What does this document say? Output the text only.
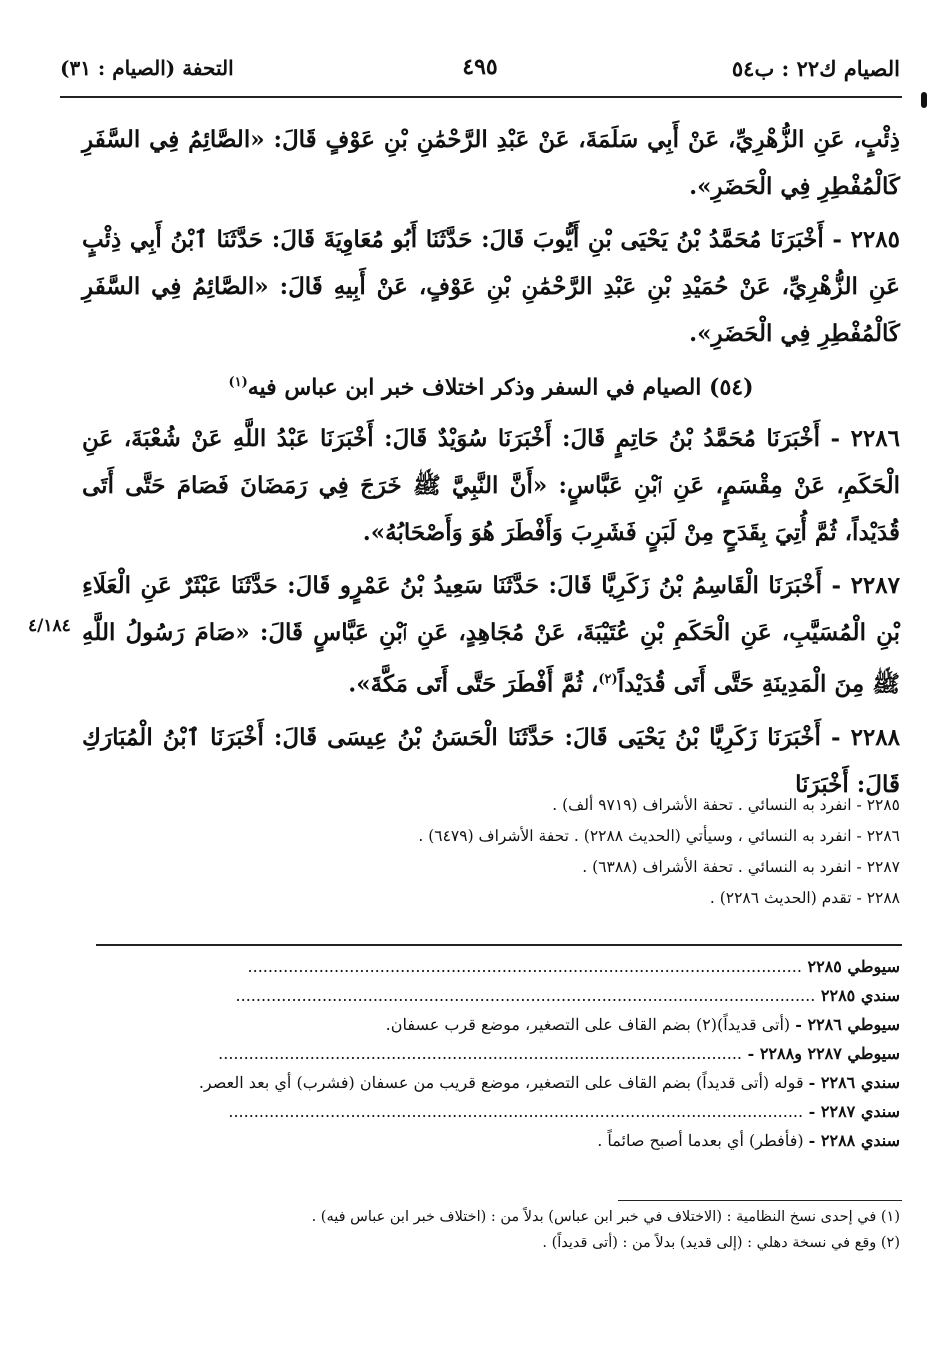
الصيام ك٢٢ : ب٥٤
٤٩٥
التحفة (الصيام : ٣١)

ذِئْبٍ، عَنِ الزُّهْرِيِّ، عَنْ أَبِي سَلَمَةَ، عَنْ عَبْدِ الرَّحْمَٰنِ بْنِ عَوْفٍ قَالَ: «الصَّائِمُ فِي السَّفَرِ كَالْمُفْطِرِ فِي الْحَضَرِ».

٢٢٨٥ - أَخْبَرَنَا مُحَمَّدُ بْنُ يَحْيَى بْنِ أَيُّوبَ قَالَ: حَدَّثَنَا أَبُو مُعَاوِيَةَ قَالَ: حَدَّثَنَا ٱبْنُ أَبِي ذِئْبٍ عَنِ الزُّهْرِيِّ، عَنْ حُمَيْدِ بْنِ عَبْدِ الرَّحْمَٰنِ بْنِ عَوْفٍ، عَنْ أَبِيهِ قَالَ: «الصَّائِمُ فِي السَّفَرِ كَالْمُفْطِرِ فِي الْحَضَرِ».

(٥٤) الصيام في السفر وذكر اختلاف خبر ابن عباس فيه$^{(١)}$

٢٢٨٦ - أَخْبَرَنَا مُحَمَّدُ بْنُ حَاتِمٍ قَالَ: أَخْبَرَنَا سُوَيْدٌ قَالَ: أَخْبَرَنَا عَبْدُ اللَّهِ عَنْ شُعْبَةَ، عَنِ الْحَكَمِ، عَنْ مِقْسَمٍ، عَنِ ٱبْنِ عَبَّاسٍ: «أَنَّ النَّبِيَّ ﷺ خَرَجَ فِي رَمَضَانَ فَصَامَ حَتَّى أَتَى قُدَيْداً، ثُمَّ أُتِيَ بِقَدَحٍ مِنْ لَبَنٍ فَشَرِبَ وَأَفْطَرَ هُوَ وَأَصْحَابُهُ».

٢٢٨٧ - أَخْبَرَنَا الْقَاسِمُ بْنُ زَكَرِيَّا قَالَ: حَدَّثَنَا سَعِيدُ بْنُ عَمْرٍو قَالَ: حَدَّثَنَا عَبْثَرٌ عَنِ الْعَلَاءِ بْنِ الْمُسَيَّبِ، عَنِ الْحَكَمِ بْنِ عُتَيْبَةَ، عَنْ مُجَاهِدٍ، عَنِ ٱبْنِ عَبَّاسٍ قَالَ: «صَامَ رَسُولُ اللَّهِ ﷺ مِنَ الْمَدِينَةِ حَتَّى أَتَى قُدَيْداً$^{(٢)}$، ثُمَّ أَفْطَرَ حَتَّى أَتَى مَكَّةَ».

٢٢٨٨ - أَخْبَرَنَا زَكَرِيَّا بْنُ يَحْيَى قَالَ: حَدَّثَنَا الْحَسَنُ بْنُ عِيسَى قَالَ: أَخْبَرَنَا ٱبْنُ الْمُبَارَكِ قَالَ: أَخْبَرَنَا

٤/١٨٤
٢٢٨٥ - انفرد به النسائي . تحفة الأشراف (٩٧١٩ ألف) .
٢٢٨٦ - انفرد به النسائي ، وسيأتي (الحديث ٢٢٨٨) . تحفة الأشراف (٦٤٧٩) .
٢٢٨٧ - انفرد به النسائي . تحفة الأشراف (٦٣٨٨) .
٢٢٨٨ - تقدم (الحديث ٢٢٨٦) .
سيوطي ٢٢٨٥ .............................................................................................................
سندي ٢٢٨٥ ..................................................................................................................
سيوطي ٢٢٨٦ - (أتى قديداً)(٢) بضم القاف على التصغير، موضع قرب عسفان.
سيوطي ٢٢٨٧ و٢٢٨٨ - .......................................................................................................
سندي ٢٢٨٦ - قوله (أتى قديداً) بضم القاف على التصغير، موضع قريب من عسفان (فشرب) أي بعد العصر.
سندي ٢٢٨٧ - .................................................................................................................
سندي ٢٢٨٨ - (فأفطر) أي بعدما أصبح صائماً .
(١) في إحدى نسخ النظامية : (الاختلاف في خبر ابن عباس) بدلاً من : (اختلاف خبر ابن عباس فيه) .
(٢) وقع في نسخة دهلي : (إلى قديد) بدلاً من : (أتى قديداً) .
